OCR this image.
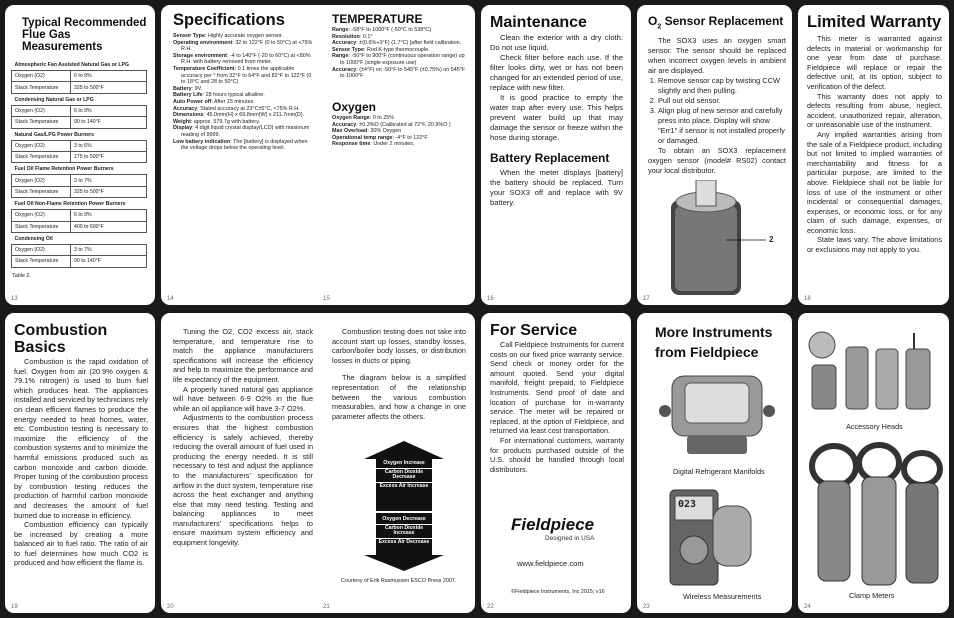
Typical Recommended Flue Gas Measurements
Atmospheric Fan Assisted Natural Gas or LPG	
Oxygen (O2)	6 to 9%
Stack Temperature	325 to 500°F
Condensing Natural Gas or LPG	
Oxygen (O2)	6 to 9%
Stack Temperature	90 to 140°F
Natural Gas/LPG Power Burners	
Oxygen (O2)	3 to 6%
Stack Temperature	275 to 500°F
Fuel Oil Flame Retention Power Burners	
Oxygen (O2)	3 to 7%
Stack Temperature	325 to 500°F
Fuel Oil Non-Flame Retention Power Burners	
Oxygen (O2)	6 to 9%
Stack Temperature	400 to 600°F
Condensing Oil	
Oxygen (O2)	3 to 7%
Stack Temperature	90 to 140°F
Table 2.
13
Specifications
Sensor Type: Highly accurate oxygen sensor.
Operating environment: 32 to 122°F (0 to 50°C) at <75% R.H.
Storage environment: -4 to 140°F (-20 to 60°C) at <80% R.H. with battery removed from meter.
Temperature Coefficient: 0.1 times the applicable accuracy per ° from 32°F to 64°F and 82°F to 122°F (0 to 18°C and 28 to 50°C)
Battery: 9V.
Battery Life: 28 hours typical alkaline.
Auto Power off: After 15 minutes.
Accuracy: Stated accuracy at 23°C±5°C, <75% R.H.
Dimensions: 45.0mm(H) x 69.8mm(W) x 211.7mm(D).
Weight: approx. 579.7g with battery.
Display: 4 digit liquid crystal display(LCD) with maximum reading of 9999.
Low battery indication: The [battery] is displayed when the voltage drops below the operating level.
TEMPERATURE
Range: -58°F to 1000°F (-50°C to 538°C)
Resolution: 0.1°
Accuracy: ±(0.6%+3°F) (1.7°C) [after field calibration.
Sensor Type: Rod K-type thermocouple.
Range: -50°F to 900°F (continuous operation range) up to 1000°F (single exposure use)
Accuracy: (±4°F) on -50°F to 545°F (±0.75%) on 545°F to 1000°F
Oxygen
Oxygen Range: 0 to 25%
Accuracy: ±0.3%O (Calibrated at 72°F, 20.9%O )
Max Overload: 30% Oxygen
Operational temp range: -4°F to 122°F
Response time: Under 2 minutes.
14	15
Maintenance

Clean the exterior with a dry cloth. Do not use liquid.

Check filter before each use. If the filter looks dirty, wet or has not been changed for an extended period of use, replace with new filter.

It is good practice to empty the water trap after every use. This helps prevent water build up that may damage the sensor or freeze within the hose during storage.

Battery Replacement

When the meter displays [battery] the battery should be replaced. Turn your SOX3 off and replace with 9V battery.

16
$O_2$ Sensor Replacement

The SOX3 uses an oxygen smart sensor. The sensor should be replaced when incorrect oxygen levels in ambient air are displayed.

1. Remove sensor cap by twisting CCW slightly and then pulling.
2. Pull out old sensor.
3. Align plug of new sensor and carefully press into place. Display will show "Err1" if sensor is not installed properly or damaged.

To obtain an SOX3 replacement oxygen sensor (model# RS02) contact your local distributor.

2
17
Limited Warranty

This meter is warranted against defects in material or workmanship for one year from date of purchase. Fieldpiece will replace or repair the defective unit, at its option, subject to verification of the defect.

This warranty does not apply to defects resulting from abuse, neglect, accident, unauthorized repair, alteration, or unreasonable use of the instrument.

Any implied warranties arising from the sale of a Fieldpiece product, including but not limited to implied warranties of merchantability and fitness for a particular purpose, are limited to the above. Fieldpiece shall not be liable for loss of use of the instrument or other incidental or consequential damages, expenses, or economic loss, or for any claim of such damage, expenses, or economic loss.

State laws vary. The above limitations or exclusions may not apply to you.

18
Combustion Basics

Combustion is the rapid oxidation of fuel. Oxygen from air (20.9% oxygen & 79.1% nitrogen) is used to burn fuel which produces heat. The appliances installed and serviced by technicians rely on clean efficient flames to produce the energy needed to heat homes, water, etc. Combustion testing is necessary to maximize the efficiency of the combustion systems and to minimize the harmful emissions produced such as carbon monoxide and carbon dioxide. Proper tuning of the combustion process by combustion testing reduces the production of harmful carbon monoxide and decreases the amount of fuel burned due to increase in efficiency.

Combustion efficiency can typically be increased by creating a more balanced air to fuel ratio. The ratio of air to fuel determines how much CO2 is produced and how efficient the flame is.

19

Tuning the O2, CO2 excess air, stack temperature, and temperature rise to match the appliance manufacturers specifications will increase the efficiency and help to maximize the performance and life expectancy of the equipment.

A properly tuned natural gas appliance will have between 6-9 O2% in the flue while an oil appliance will have 3-7 O2%.

Adjustments to the combustion process ensures that the highest combustion efficiency is safely achieved, thereby reducing the overall amount of fuel used in producing the energy needed. It is still necessary to test and adjust the appliance to the manufacturers' specification for airflow in the duct system, temperature rise across the heat exchanger and anything else that may need testing. Testing and balancing appliances to meet manufacturers' specifications helps to ensure maximum system efficiency and equipment longevity.

Combustion testing does not take into account start up losses, standby losses, carbon/boiler body losses, or distribution losses in ducts or piping.

The diagram below is a simplified representation of the relationship between the various combustion measurables, and how a change in one parameter affects the others.

Oxygen Increase
Carbon Dioxide Decrease
Excess Air Increase
Oxygen Decrease
Carbon Dioxide Increase
Excess Air Decrease
Courtesy of Erik Rasmussen ESCO Press 2007.
20	21
For Service

Call Fieldpiece Instruments for current costs on our fixed price warranty service. Send check or money order for the amount quoted. Send your digital manifold, freight prepaid, to Fieldpiece Instruments. Send proof of date and location of purchase for in-warranty service. The meter will be repaired or replaced, at the option of Fieldpiece, and returned via least cost transportation.

For international customers, warranty for products purchased outside of the U.S. should be handled through local distributors.

Fieldpiece
Designed in USA
www.fieldpiece.com
©Fieldpiece Instruments, Inc 2015; v16
22
More Instruments from Fieldpiece
Digital Refrigerant Manifolds
023
Wireless Measurements
23
Accessory Heads
Clamp Meters
24
